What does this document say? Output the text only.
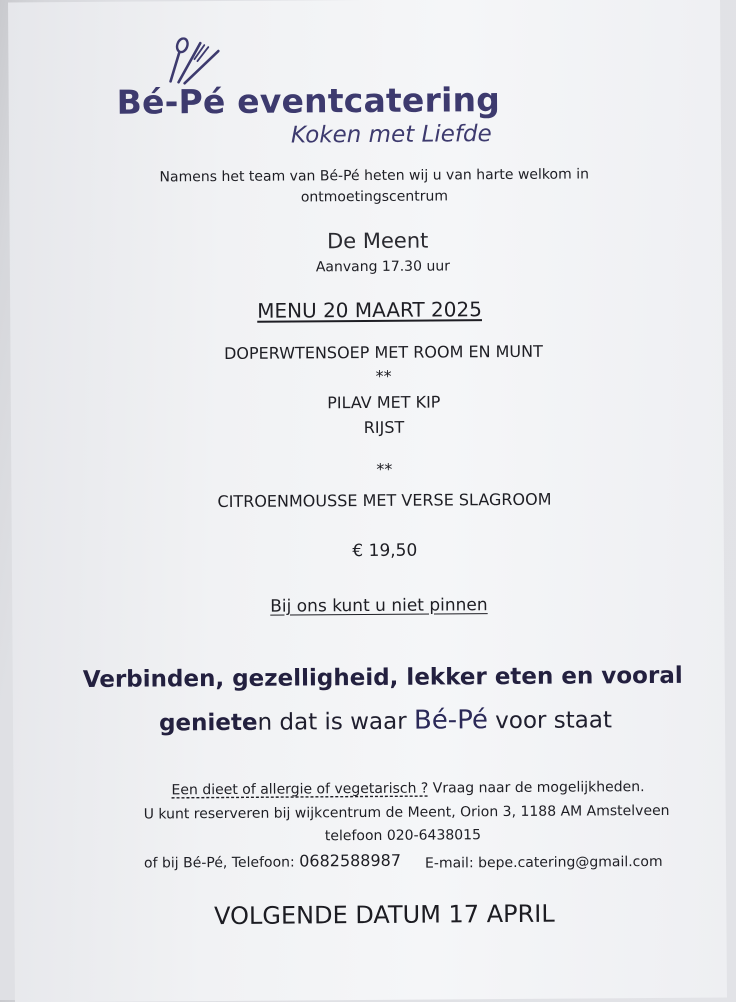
Bé-Pé eventcatering
Koken met Liefde
Namens het team van Bé-Pé heten wij u van harte welkom in
ontmoetingscentrum
De Meent
Aanvang 17.30 uur
MENU 20 MAART 2025
DOPERWTENSOEP MET ROOM EN MUNT
**
PILAV MET KIP
RIJST
**
CITROENMOUSSE MET VERSE SLAGROOM
€ 19,50
Bij ons kunt u niet pinnen
Verbinden, gezelligheid, lekker eten en vooral
genieten dat is waar Bé-Pé voor staat
Een dieet of allergie of vegetarisch ? Vraag naar de mogelijkheden.
U kunt reserveren bij wijkcentrum de Meent, Orion 3, 1188 AM Amstelveen
telefoon 020-6438015
of bij Bé-Pé, Telefoon: 0682588987 E-mail: bepe.catering@gmail.com
VOLGENDE DATUM 17 APRIL
